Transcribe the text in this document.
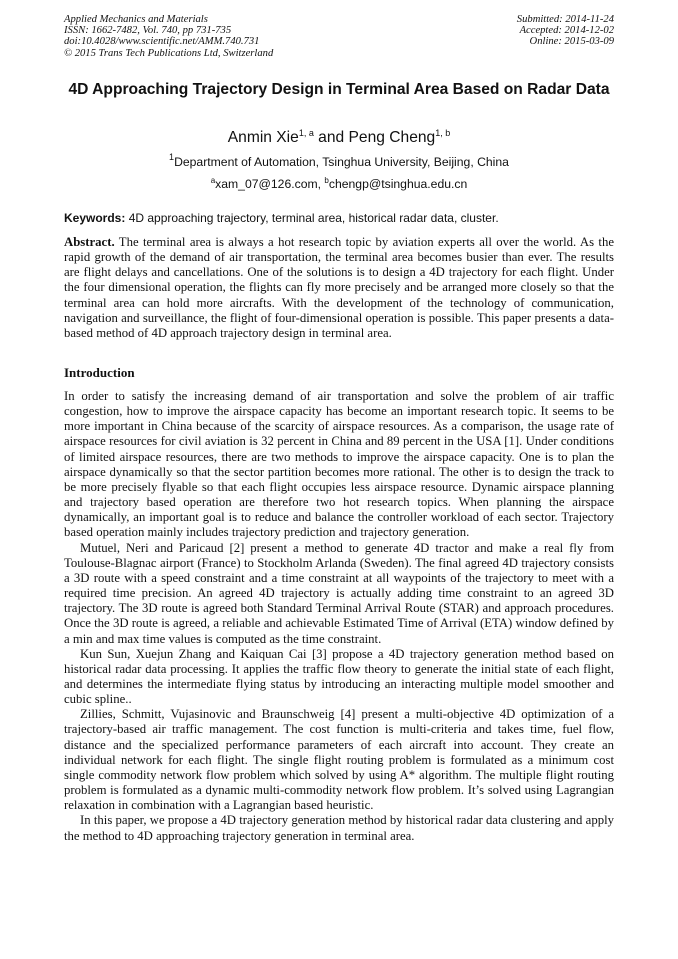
Applied Mechanics and Materials
ISSN: 1662-7482, Vol. 740, pp 731-735
doi:10.4028/www.scientific.net/AMM.740.731
© 2015 Trans Tech Publications Ltd, Switzerland
Submitted: 2014-11-24
Accepted: 2014-12-02
Online: 2015-03-09
4D Approaching Trajectory Design in Terminal Area Based on Radar Data
Anmin Xie$^{1, a}$ and Peng Cheng$^{1, b}$
$^1$Department of Automation, Tsinghua University, Beijing, China
$^a$xam_07@126.com, $^b$chengp@tsinghua.edu.cn
Keywords: 4D approaching trajectory, terminal area, historical radar data, cluster.
Abstract. The terminal area is always a hot research topic by aviation experts all over the world. As the rapid growth of the demand of air transportation, the terminal area becomes busier than ever. The results are flight delays and cancellations. One of the solutions is to design a 4D trajectory for each flight. Under the four dimensional operation, the flights can fly more precisely and be arranged more closely so that the terminal area can hold more aircrafts. With the development of the technology of communication, navigation and surveillance, the flight of four-dimensional operation is possible. This paper presents a data-based method of 4D approach trajectory design in terminal area.
Introduction

In order to satisfy the increasing demand of air transportation and solve the problem of air traffic congestion, how to improve the airspace capacity has become an important research topic. It seems to be more important in China because of the scarcity of airspace resources. As a comparison, the usage rate of airspace resources for civil aviation is 32 percent in China and 89 percent in the USA [1]. Under conditions of limited airspace resources, there are two methods to improve the airspace capacity. One is to plan the airspace dynamically so that the sector partition becomes more rational. The other is to design the track to be more precisely flyable so that each flight occupies less airspace resource. Dynamic airspace planning and trajectory based operation are therefore two hot research topics. When planning the airspace dynamically, an important goal is to reduce and balance the controller workload of each sector. Trajectory based operation mainly includes trajectory prediction and trajectory generation.

Mutuel, Neri and Paricaud [2] present a method to generate 4D tractor and make a real fly from Toulouse-Blagnac airport (France) to Stockholm Arlanda (Sweden). The final agreed 4D trajectory consists a 3D route with a speed constraint and a time constraint at all waypoints of the trajectory to meet with a required time precision. An agreed 4D trajectory is actually adding time constraint to an agreed 3D trajectory. The 3D route is agreed both Standard Terminal Arrival Route (STAR) and approach procedures. Once the 3D route is agreed, a reliable and achievable Estimated Time of Arrival (ETA) window defined by a min and max time values is computed as the time constraint.

Kun Sun, Xuejun Zhang and Kaiquan Cai [3] propose a 4D trajectory generation method based on historical radar data processing. It applies the traffic flow theory to generate the initial state of each flight, and determines the intermediate flying status by introducing an interacting multiple model smoother and cubic spline..

Zillies, Schmitt, Vujasinovic and Braunschweig [4] present a multi-objective 4D optimization of a trajectory-based air traffic management. The cost function is multi-criteria and takes time, fuel flow, distance and the specialized performance parameters of each aircraft into account. They create an individual network for each flight. The single flight routing problem is formulated as a minimum cost single commodity network flow problem which solved by using A* algorithm. The multiple flight routing problem is formulated as a dynamic multi-commodity network flow problem. It’s solved using Lagrangian relaxation in combination with a Lagrangian based heuristic.

In this paper, we propose a 4D trajectory generation method by historical radar data clustering and apply the method to 4D approaching trajectory generation in terminal area.
